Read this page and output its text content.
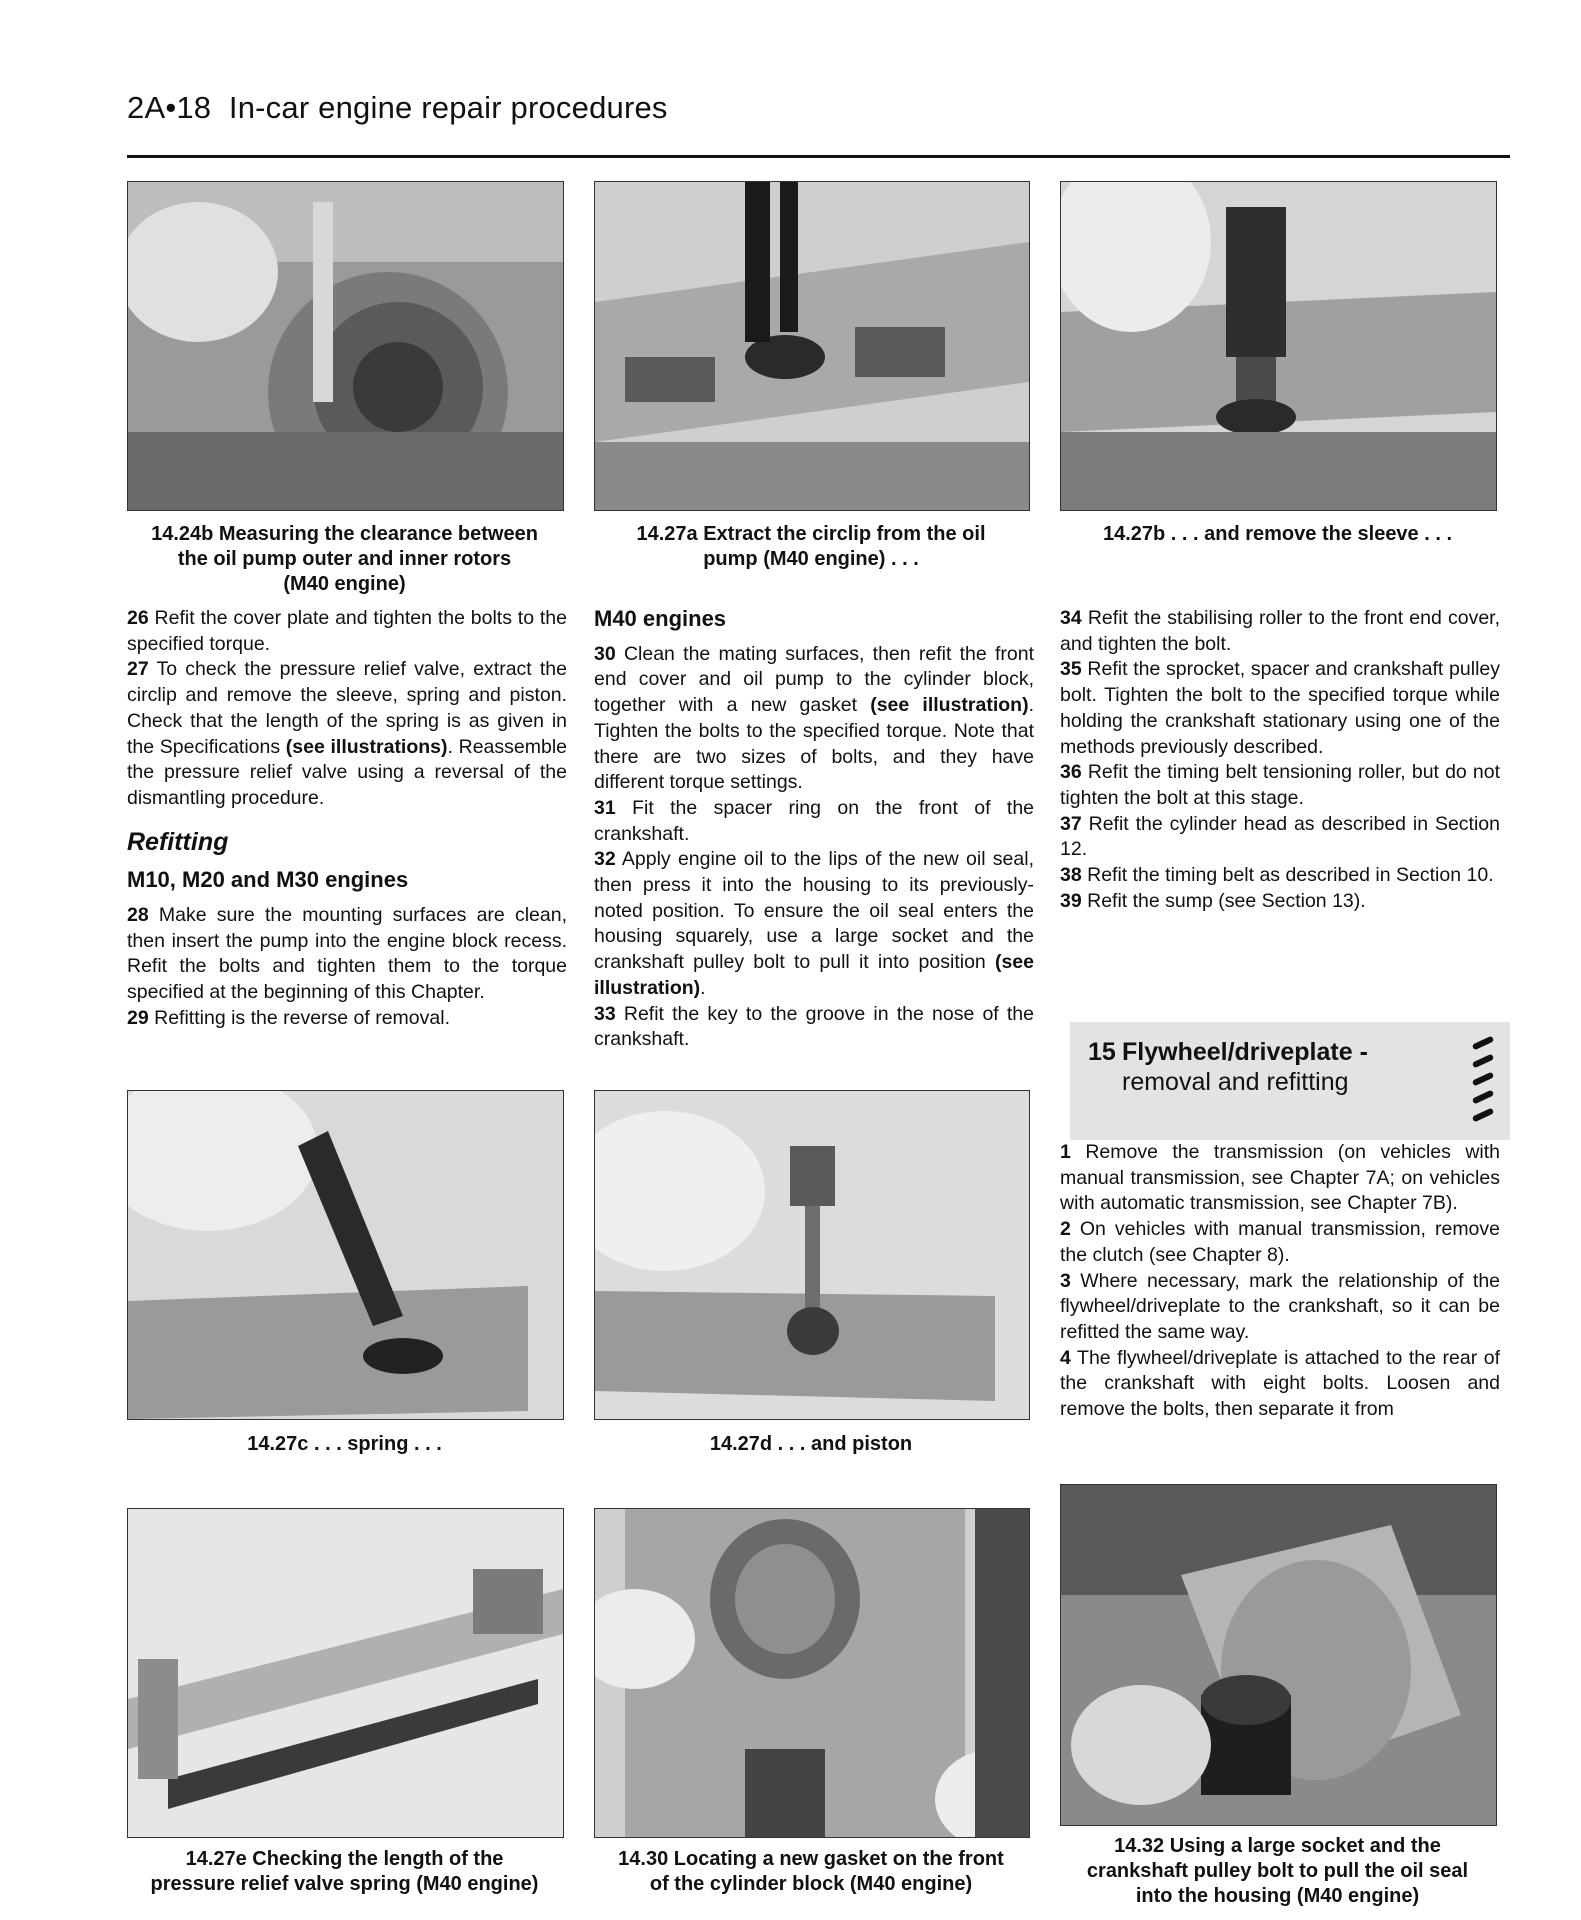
2A•18 In-car engine repair procedures
14.24b Measuring the clearance between
the oil pump outer and inner rotors
(M40 engine)
14.27a Extract the circlip from the oil
pump (M40 engine) . . .
14.27b . . . and remove the sleeve . . .

26 Refit the cover plate and tighten the bolts to the specified torque.

27 To check the pressure relief valve, extract the circlip and remove the sleeve, spring and piston. Check that the length of the spring is as given in the Specifications (see illustrations). Reassemble the pressure relief valve using a reversal of the dismantling procedure.

Refitting
M10, M20 and M30 engines

28 Make sure the mounting surfaces are clean, then insert the pump into the engine block recess. Refit the bolts and tighten them to the torque specified at the beginning of this Chapter.

29 Refitting is the reverse of removal.

M40 engines

30 Clean the mating surfaces, then refit the front end cover and oil pump to the cylinder block, together with a new gasket (see illustration). Tighten the bolts to the specified torque. Note that there are two sizes of bolts, and they have different torque settings.

31 Fit the spacer ring on the front of the crankshaft.

32 Apply engine oil to the lips of the new oil seal, then press it into the housing to its previously-noted position. To ensure the oil seal enters the housing squarely, use a large socket and the crankshaft pulley bolt to pull it into position (see illustration).

33 Refit the key to the groove in the nose of the crankshaft.

34 Refit the stabilising roller to the front end cover, and tighten the bolt.

35 Refit the sprocket, spacer and crankshaft pulley bolt. Tighten the bolt to the specified torque while holding the crankshaft stationary using one of the methods previously described.

36 Refit the timing belt tensioning roller, but do not tighten the bolt at this stage.

37 Refit the cylinder head as described in Section 12.

38 Refit the timing belt as described in Section 10.

39 Refit the sump (see Section 13).

15 Flywheel/driveplate -
removal and refitting

1 Remove the transmission (on vehicles with manual transmission, see Chapter 7A; on vehicles with automatic transmission, see Chapter 7B).

2 On vehicles with manual transmission, remove the clutch (see Chapter 8).

3 Where necessary, mark the relationship of the flywheel/driveplate to the crankshaft, so it can be refitted the same way.

4 The flywheel/driveplate is attached to the rear of the crankshaft with eight bolts. Loosen and remove the bolts, then separate it from

14.27c . . . spring . . .	14.27d . . . and piston
14.27e Checking the length of the
pressure relief valve spring (M40 engine)
14.30 Locating a new gasket on the front
of the cylinder block (M40 engine)
14.32 Using a large socket and the
crankshaft pulley bolt to pull the oil seal
into the housing (M40 engine)
